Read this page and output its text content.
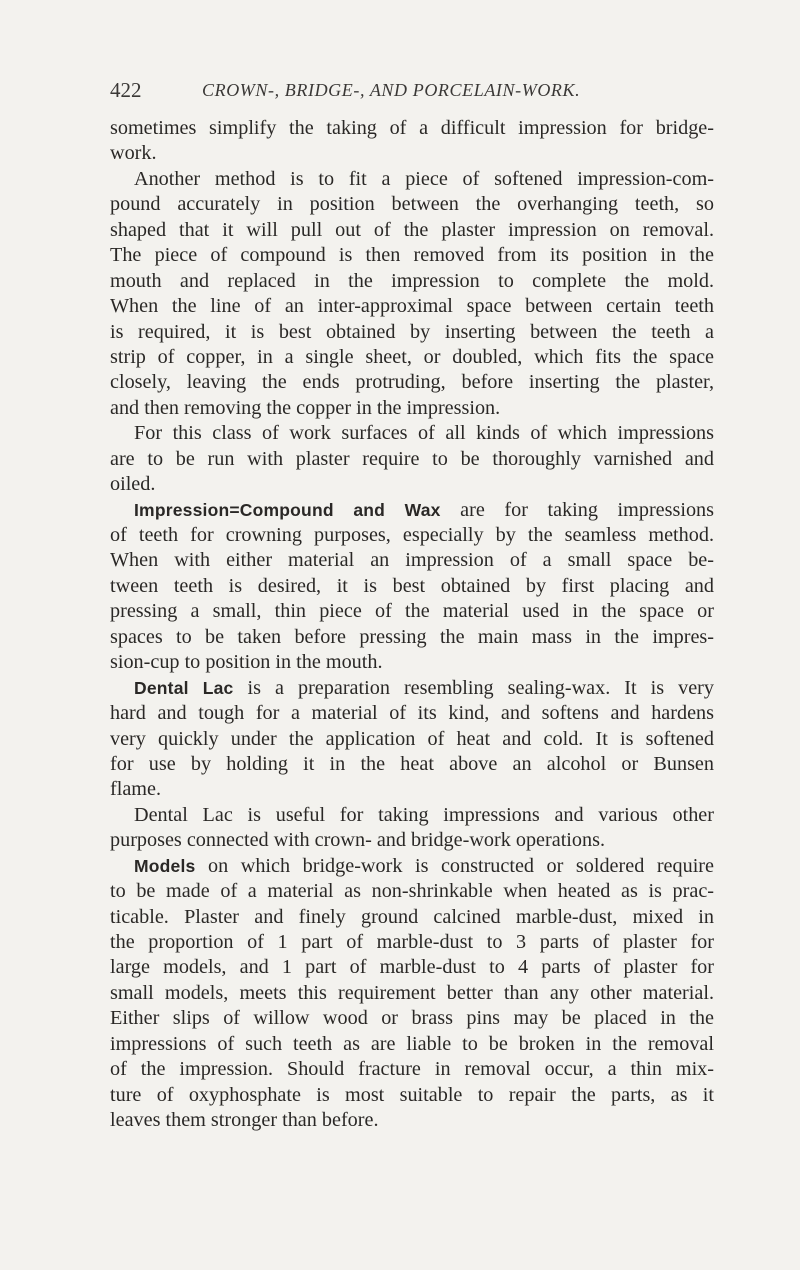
422	CROWN-, BRIDGE-, AND PORCELAIN-WORK.
sometimes simplify the taking of a difficult impression for bridge-
work.
Another method is to fit a piece of softened impression-com-
pound accurately in position between the overhanging teeth, so
shaped that it will pull out of the plaster impression on removal.
The piece of compound is then removed from its position in the
mouth and replaced in the impression to complete the mold.
When the line of an inter-approximal space between certain teeth
is required, it is best obtained by inserting between the teeth a
strip of copper, in a single sheet, or doubled, which fits the space
closely, leaving the ends protruding, before inserting the plaster,
and then removing the copper in the impression.
For this class of work surfaces of all kinds of which impressions
are to be run with plaster require to be thoroughly varnished and
oiled.
Impression=Compound and Wax are for taking impressions
of teeth for crowning purposes, especially by the seamless method.
When with either material an impression of a small space be-
tween teeth is desired, it is best obtained by first placing and
pressing a small, thin piece of the material used in the space or
spaces to be taken before pressing the main mass in the impres-
sion-cup to position in the mouth.
Dental Lac is a preparation resembling sealing-wax. It is very
hard and tough for a material of its kind, and softens and hardens
very quickly under the application of heat and cold. It is softened
for use by holding it in the heat above an alcohol or Bunsen
flame.
Dental Lac is useful for taking impressions and various other
purposes connected with crown- and bridge-work operations.
Models on which bridge-work is constructed or soldered require
to be made of a material as non-shrinkable when heated as is prac-
ticable. Plaster and finely ground calcined marble-dust, mixed in
the proportion of 1 part of marble-dust to 3 parts of plaster for
large models, and 1 part of marble-dust to 4 parts of plaster for
small models, meets this requirement better than any other material.
Either slips of willow wood or brass pins may be placed in the
impressions of such teeth as are liable to be broken in the removal
of the impression. Should fracture in removal occur, a thin mix-
ture of oxyphosphate is most suitable to repair the parts, as it
leaves them stronger than before.
